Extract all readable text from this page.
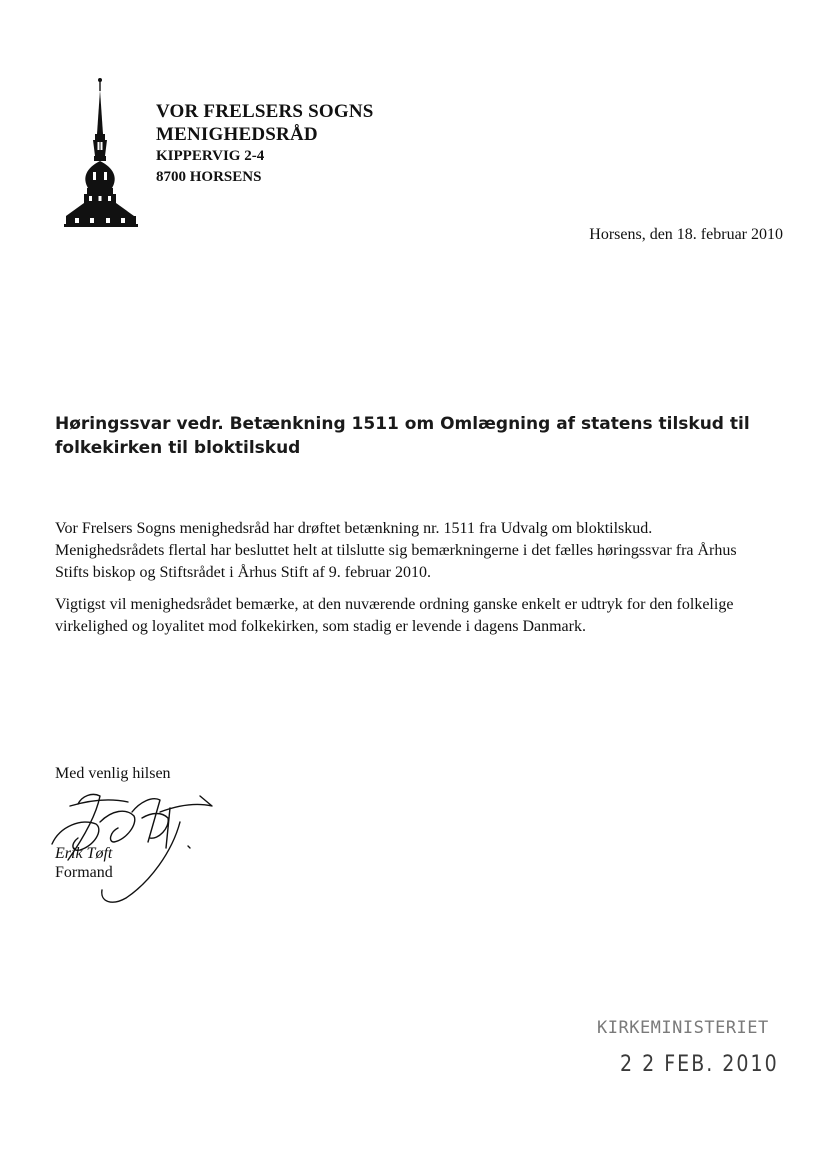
VOR FRELSERS SOGNS
MENIGHEDSRÅD
KIPPERVIG 2-4
8700 HORSENS
Horsens, den 18. februar 2010
Høringssvar vedr. Betænkning 1511 om Omlægning af statens tilskud til
folkekirken til bloktilskud
Vor Frelsers Sogns menighedsråd har drøftet betænkning nr. 1511 fra Udvalg om bloktilskud.
Menighedsrådets flertal har besluttet helt at tilslutte sig bemærkningerne i det fælles høringssvar fra Århus
Stifts biskop og Stiftsrådet i Århus Stift af 9. februar 2010.
Vigtigst vil menighedsrådet bemærke, at den nuværende ordning ganske enkelt er udtryk for den folkelige
virkelighed og loyalitet mod folkekirken, som stadig er levende i dagens Danmark.
Med venlig hilsen
Erik Tøft
Formand
KIRKEMINISTERIET
2 2 FEB. 2010
